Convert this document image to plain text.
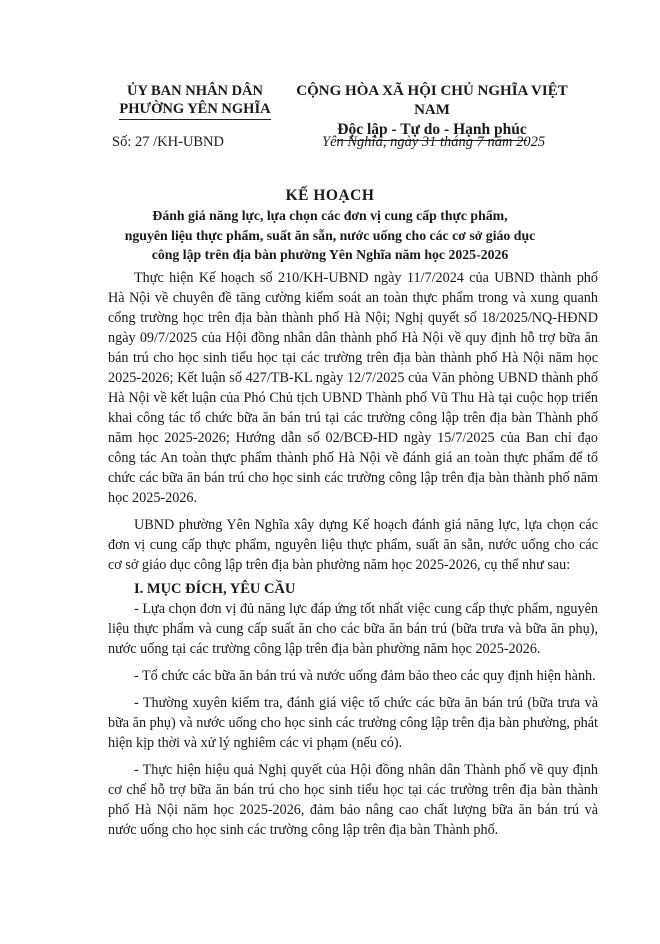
ỦY BAN NHÂN DÂN
PHƯỜNG YÊN NGHĨA
CỘNG HÒA XÃ HỘI CHỦ NGHĨA VIỆT NAM
Độc lập - Tự do - Hạnh phúc
Số: 27 /KH-UBND	Yên Nghĩa, ngày 31 tháng 7 năm 2025
KẾ HOẠCH
Đánh giá năng lực, lựa chọn các đơn vị cung cấp thực phẩm,
nguyên liệu thực phẩm, suất ăn sẵn, nước uống cho các cơ sở giáo dục
công lập trên địa bàn phường Yên Nghĩa năm học 2025-2026

Thực hiện Kế hoạch số 210/KH-UBND ngày 11/7/2024 của UBND thành phố Hà Nội về chuyên đề tăng cường kiểm soát an toàn thực phẩm trong và xung quanh cổng trường học trên địa bàn thành phố Hà Nội; Nghị quyết số 18/2025/NQ-HĐND ngày 09/7/2025 của Hội đồng nhân dân thành phố Hà Nội về quy định hỗ trợ bữa ăn bán trú cho học sinh tiểu học tại các trường trên địa bàn thành phố Hà Nội năm học 2025-2026; Kết luận số 427/TB-KL ngày 12/7/2025 của Văn phòng UBND thành phố Hà Nội về kết luận của Phó Chủ tịch UBND Thành phố Vũ Thu Hà tại cuộc họp triển khai công tác tổ chức bữa ăn bán trú tại các trường công lập trên địa bàn Thành phố năm học 2025-2026; Hướng dẫn số 02/BCĐ-HD ngày 15/7/2025 của Ban chỉ đạo công tác An toàn thực phẩm thành phố Hà Nội về đánh giá an toàn thực phẩm để tổ chức các bữa ăn bán trú cho học sinh các trường công lập trên địa bàn thành phố năm học 2025-2026.

UBND phường Yên Nghĩa xây dựng Kế hoạch đánh giá năng lực, lựa chọn các đơn vị cung cấp thực phẩm, nguyên liệu thực phẩm, suất ăn sẵn, nước uống cho các cơ sở giáo dục công lập trên địa bàn phường năm học 2025-2026, cụ thể như sau:

I. MỤC ĐÍCH, YÊU CẦU

- Lựa chọn đơn vị đủ năng lực đáp ứng tốt nhất việc cung cấp thực phẩm, nguyên liệu thực phẩm và cung cấp suất ăn cho các bữa ăn bán trú (bữa trưa và bữa ăn phụ), nước uống tại các trường công lập trên địa bàn phường năm học 2025-2026.

- Tổ chức các bữa ăn bán trú và nước uống đảm bảo theo các quy định hiện hành.

- Thường xuyên kiểm tra, đánh giá việc tổ chức các bữa ăn bán trú (bữa trưa và bữa ăn phụ) và nước uống cho học sinh các trường công lập trên địa bàn phường, phát hiện kịp thời và xử lý nghiêm các vi phạm (nếu có).

- Thực hiện hiệu quả Nghị quyết của Hội đồng nhân dân Thành phố về quy định cơ chế hỗ trợ bữa ăn bán trú cho học sinh tiểu học tại các trường trên địa bàn thành phố Hà Nội năm học 2025-2026, đảm bảo nâng cao chất lượng bữa ăn bán trú và nước uống cho học sinh các trường công lập trên địa bàn Thành phố.
